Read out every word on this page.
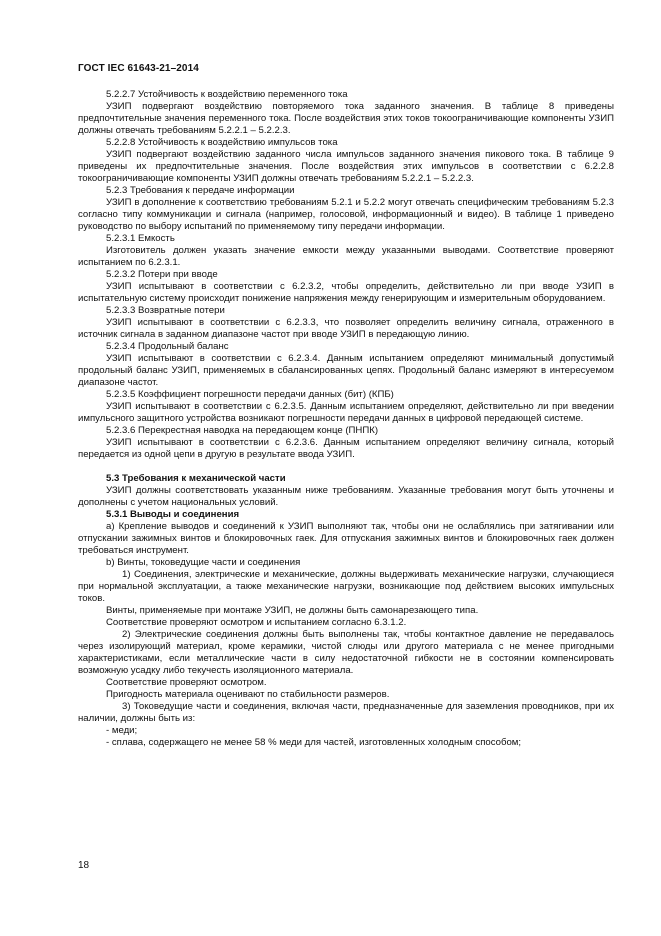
ГОСТ IEC 61643-21–2014

5.2.2.7 Устойчивость к воздействию переменного тока

УЗИП подвергают воздействию повторяемого тока заданного значения. В таблице 8 приведены предпочтительные значения переменного тока. После воздействия этих токов токоограничивающие компоненты УЗИП должны отвечать требованиям 5.2.2.1 – 5.2.2.3.

5.2.2.8 Устойчивость к воздействию импульсов тока

УЗИП подвергают воздействию заданного числа импульсов заданного значения пикового тока. В таблице 9 приведены их предпочтительные значения. После воздействия этих импульсов в соответствии с 6.2.2.8 токоограничивающие компоненты УЗИП должны отвечать требованиям 5.2.2.1 – 5.2.2.3.

5.2.3 Требования к передаче информации

УЗИП в дополнение к соответствию требованиям 5.2.1 и 5.2.2 могут отвечать специфическим требованиям 5.2.3 согласно типу коммуникации и сигнала (например, голосовой, информационный и видео). В таблице 1 приведено руководство по выбору испытаний по применяемому типу передачи информации.

5.2.3.1 Емкость

Изготовитель должен указать значение емкости между указанными выводами. Соответствие проверяют испытанием по 6.2.3.1.

5.2.3.2 Потери при вводе

УЗИП испытывают в соответствии с 6.2.3.2, чтобы определить, действительно ли при вводе УЗИП в испытательную систему происходит понижение напряжения между генерирующим и измерительным оборудованием.

5.2.3.3 Возвратные потери

УЗИП испытывают в соответствии с 6.2.3.3, что позволяет определить величину сигнала, отраженного в источник сигнала в заданном диапазоне частот при вводе УЗИП в передающую линию.

5.2.3.4 Продольный баланс

УЗИП испытывают в соответствии с 6.2.3.4. Данным испытанием определяют минимальный допустимый продольный баланс УЗИП, применяемых в сбалансированных цепях. Продольный баланс измеряют в интересуемом диапазоне частот.

5.2.3.5 Коэффициент погрешности передачи данных (бит) (КПБ)

УЗИП испытывают в соответствии с 6.2.3.5. Данным испытанием определяют, действительно ли при введении импульсного защитного устройства возникают погрешности передачи данных в цифровой передающей системе.

5.2.3.6 Перекрестная наводка на передающем конце (ПНПК)

УЗИП испытывают в соответствии с 6.2.3.6. Данным испытанием определяют величину сигнала, который передается из одной цепи в другую в результате ввода УЗИП.

5.3 Требования к механической части

УЗИП должны соответствовать указанным ниже требованиям. Указанные требования могут быть уточнены и дополнены с учетом национальных условий.

5.3.1 Выводы и соединения

а) Крепление выводов и соединений к УЗИП выполняют так, чтобы они не ослаблялись при затягивании или отпускании зажимных винтов и блокировочных гаек. Для отпускания зажимных винтов и блокировочных гаек должен требоваться инструмент.

b) Винты, токоведущие части и соединения

1) Соединения, электрические и механические, должны выдерживать механические нагрузки, случающиеся при нормальной эксплуатации, а также механические нагрузки, возникающие под действием высоких импульсных токов.

Винты, применяемые при монтаже УЗИП, не должны быть самонарезающего типа.

Соответствие проверяют осмотром и испытанием согласно 6.3.1.2.

2) Электрические соединения должны быть выполнены так, чтобы контактное давление не передавалось через изолирующий материал, кроме керамики, чистой слюды или другого материала с не менее пригодными характеристиками, если металлические части в силу недостаточной гибкости не в состоянии компенсировать возможную усадку либо текучесть изоляционного материала.

Соответствие проверяют осмотром.

Пригодность материала оценивают по стабильности размеров.

3) Токоведущие части и соединения, включая части, предназначенные для заземления проводников, при их наличии, должны быть из:

- меди;

- сплава, содержащего не менее 58 % меди для частей, изготовленных холодным способом;

18
